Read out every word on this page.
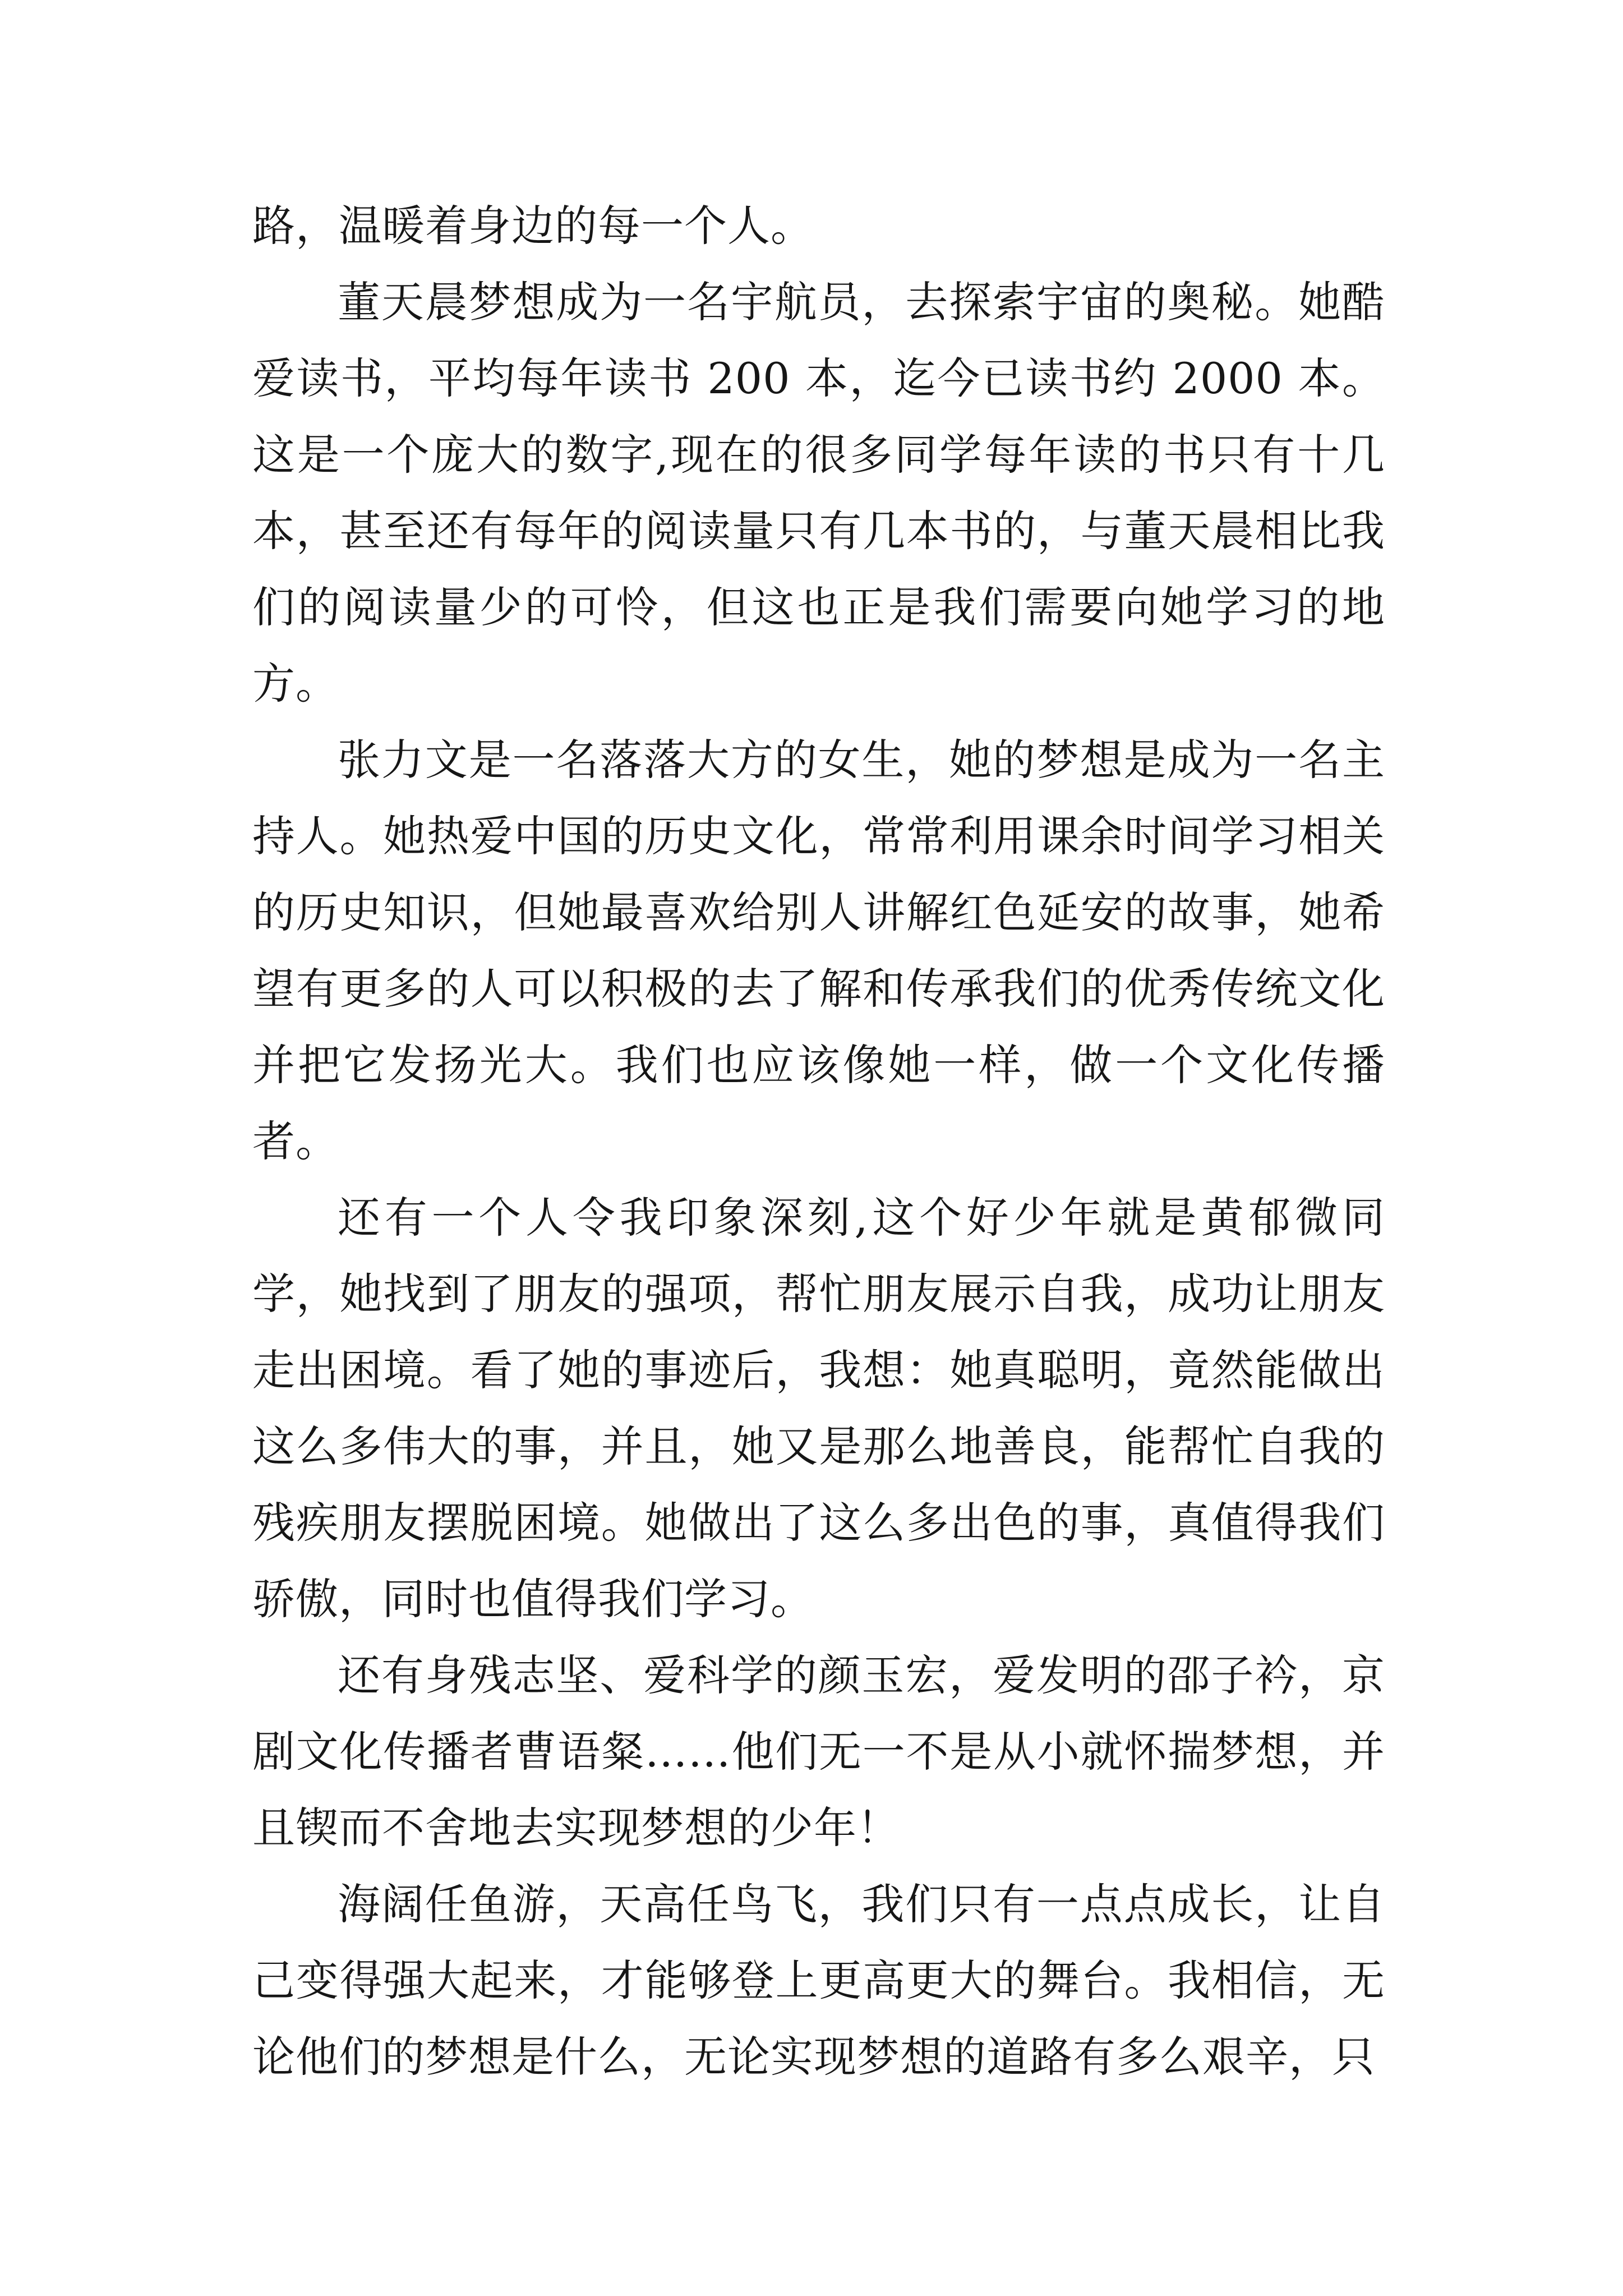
路，温暖着身边的每一个人。

董天晨梦想成为一名宇航员，去探索宇宙的奥秘。她酷爱读书，平均每年读书 200 本，迄今已读书约 2000 本。这是一个庞大的数字,现在的很多同学每年读的书只有十几本，甚至还有每年的阅读量只有几本书的，与董天晨相比我们的阅读量少的可怜，但这也正是我们需要向她学习的地方。

张力文是一名落落大方的女生，她的梦想是成为一名主持人。她热爱中国的历史文化，常常利用课余时间学习相关的历史知识，但她最喜欢给别人讲解红色延安的故事，她希望有更多的人可以积极的去了解和传承我们的优秀传统文化并把它发扬光大。我们也应该像她一样，做一个文化传播者。

还有一个人令我印象深刻,这个好少年就是黄郁微同学，她找到了朋友的强项，帮忙朋友展示自我，成功让朋友走出困境。看了她的事迹后，我想：她真聪明，竟然能做出这么多伟大的事，并且，她又是那么地善良，能帮忙自我的残疾朋友摆脱困境。她做出了这么多出色的事，真值得我们骄傲，同时也值得我们学习。

还有身残志坚、爱科学的颜玉宏，爱发明的邵子衿，京剧文化传播者曹语粲……他们无一不是从小就怀揣梦想，并且锲而不舍地去实现梦想的少年！

海阔任鱼游，天高任鸟飞，我们只有一点点成长，让自己变得强大起来，才能够登上更高更大的舞台。我相信，无论他们的梦想是什么，无论实现梦想的道路有多么艰辛，只
